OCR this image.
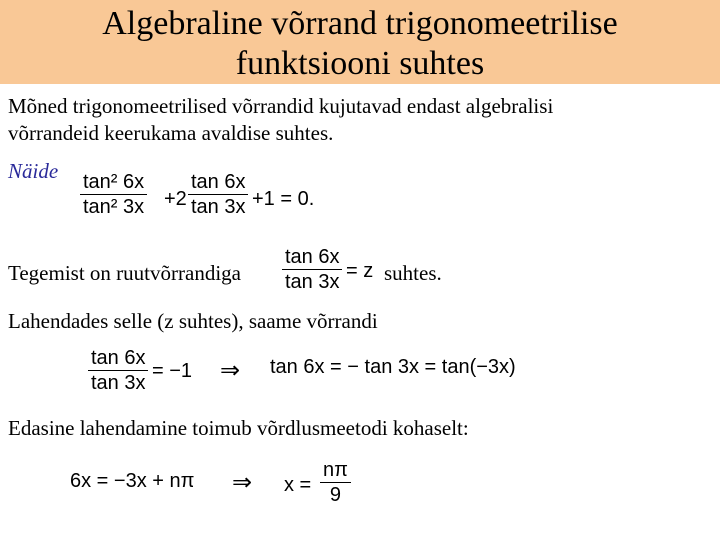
Algebraline võrrand trigonomeetrilise
funktsiooni suhtes
Mõned trigonomeetrilised võrrandid kujutavad endast algebralisi
võrrandeid keerukama avaldise suhtes.
Näide tan² 6x
tan² 3x +2
tan 6x
tan 3x +1 = 0.
Tegemist on ruutvõrrandiga
tan 6x
tan 3x = z suhtes.
Lahendades selle (z suhtes), saame võrrandi
tan 6x
tan 3x
= −1 ⇒ tan 6x = − tan 3x = tan(−3x)
Edasine lahendamine toimub võrdlusmeetodi kohaselt:
6x = −3x + nπ ⇒ x =
nπ
9
